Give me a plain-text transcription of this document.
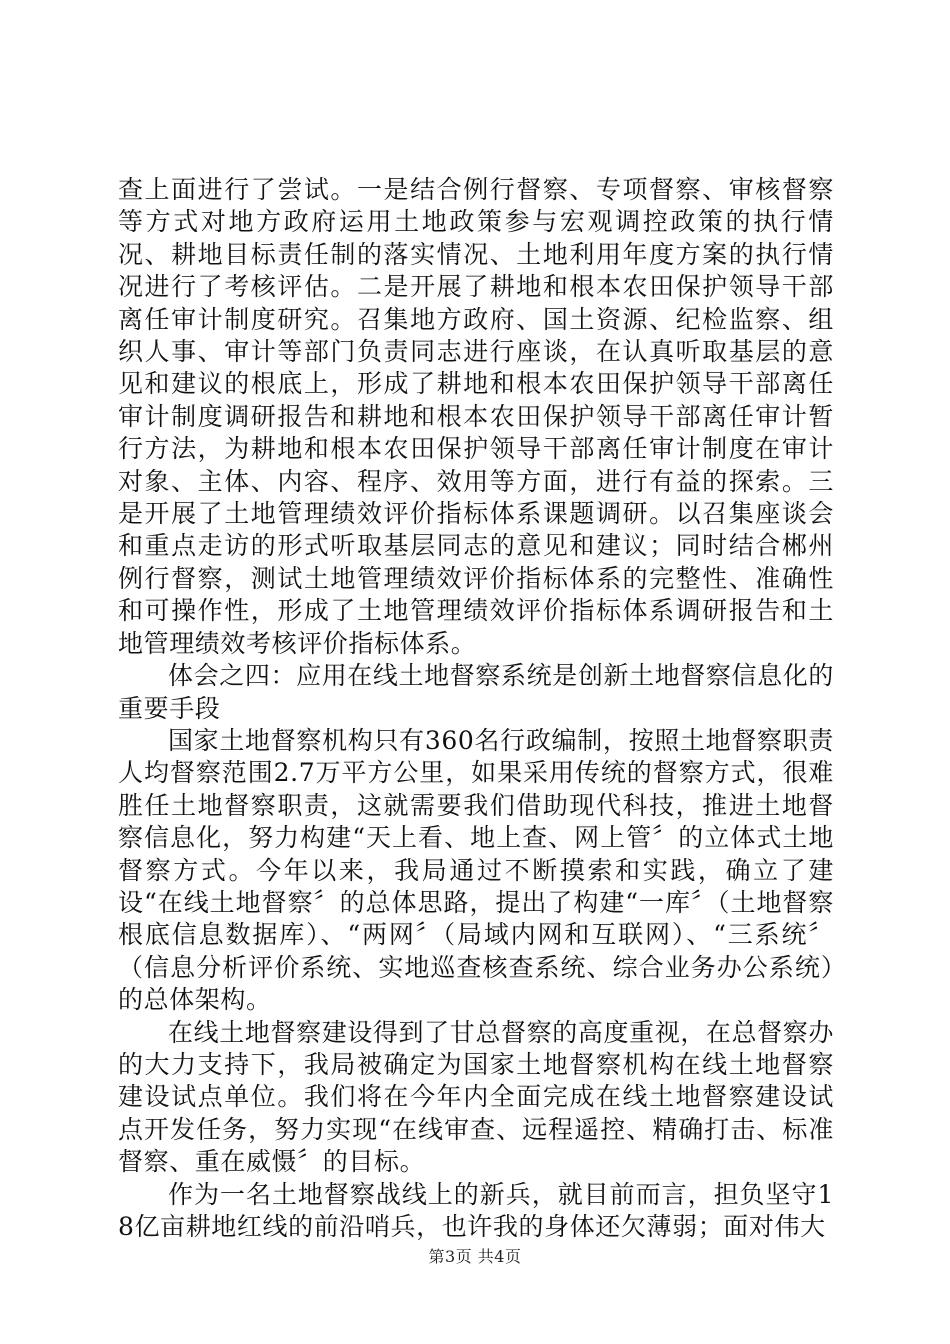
查上面进行了尝试。一是结合例行督察、专项督察、审核督察等方式对地方政府运用土地政策参与宏观调控政策的执行情况、耕地目标责任制的落实情况、土地利用年度方案的执行情况进行了考核评估。二是开展了耕地和根本农田保护领导干部离任审计制度研究。召集地方政府、国土资源、纪检监察、组织人事、审计等部门负责同志进行座谈，在认真听取基层的意见和建议的根底上，形成了耕地和根本农田保护领导干部离任审计制度调研报告和耕地和根本农田保护领导干部离任审计暂行方法，为耕地和根本农田保护领导干部离任审计制度在审计对象、主体、内容、程序、效用等方面，进行有益的探索。三是开展了土地管理绩效评价指标体系课题调研。以召集座谈会和重点走访的形式听取基层同志的意见和建议；同时结合郴州例行督察，测试土地管理绩效评价指标体系的完整性、准确性和可操作性，形成了土地管理绩效评价指标体系调研报告和土地管理绩效考核评价指标体系。

体会之四：应用在线土地督察系统是创新土地督察信息化的重要手段

国家土地督察机构只有360名行政编制，按照土地督察职责人均督察范围2.7万平方公里，如果采用传统的督察方式，很难胜任土地督察职责，这就需要我们借助现代科技，推进土地督察信息化，努力构建“天上看、地上查、网上管〞的立体式土地督察方式。今年以来，我局通过不断摸索和实践，确立了建设“在线土地督察〞的总体思路，提出了构建“一库〞（土地督察根底信息数据库）、“两网〞（局域内网和互联网）、“三系统〞（信息分析评价系统、实地巡查核查系统、综合业务办公系统）的总体架构。

在线土地督察建设得到了甘总督察的高度重视，在总督察办的大力支持下，我局被确定为国家土地督察机构在线土地督察建设试点单位。我们将在今年内全面完成在线土地督察建设试点开发任务，努力实现“在线审查、远程遥控、精确打击、标准督察、重在威慑〞的目标。

作为一名土地督察战线上的新兵，就目前而言，担负坚守18亿亩耕地红线的前沿哨兵，也许我的身体还欠薄弱；面对伟大

第3页 共4页
